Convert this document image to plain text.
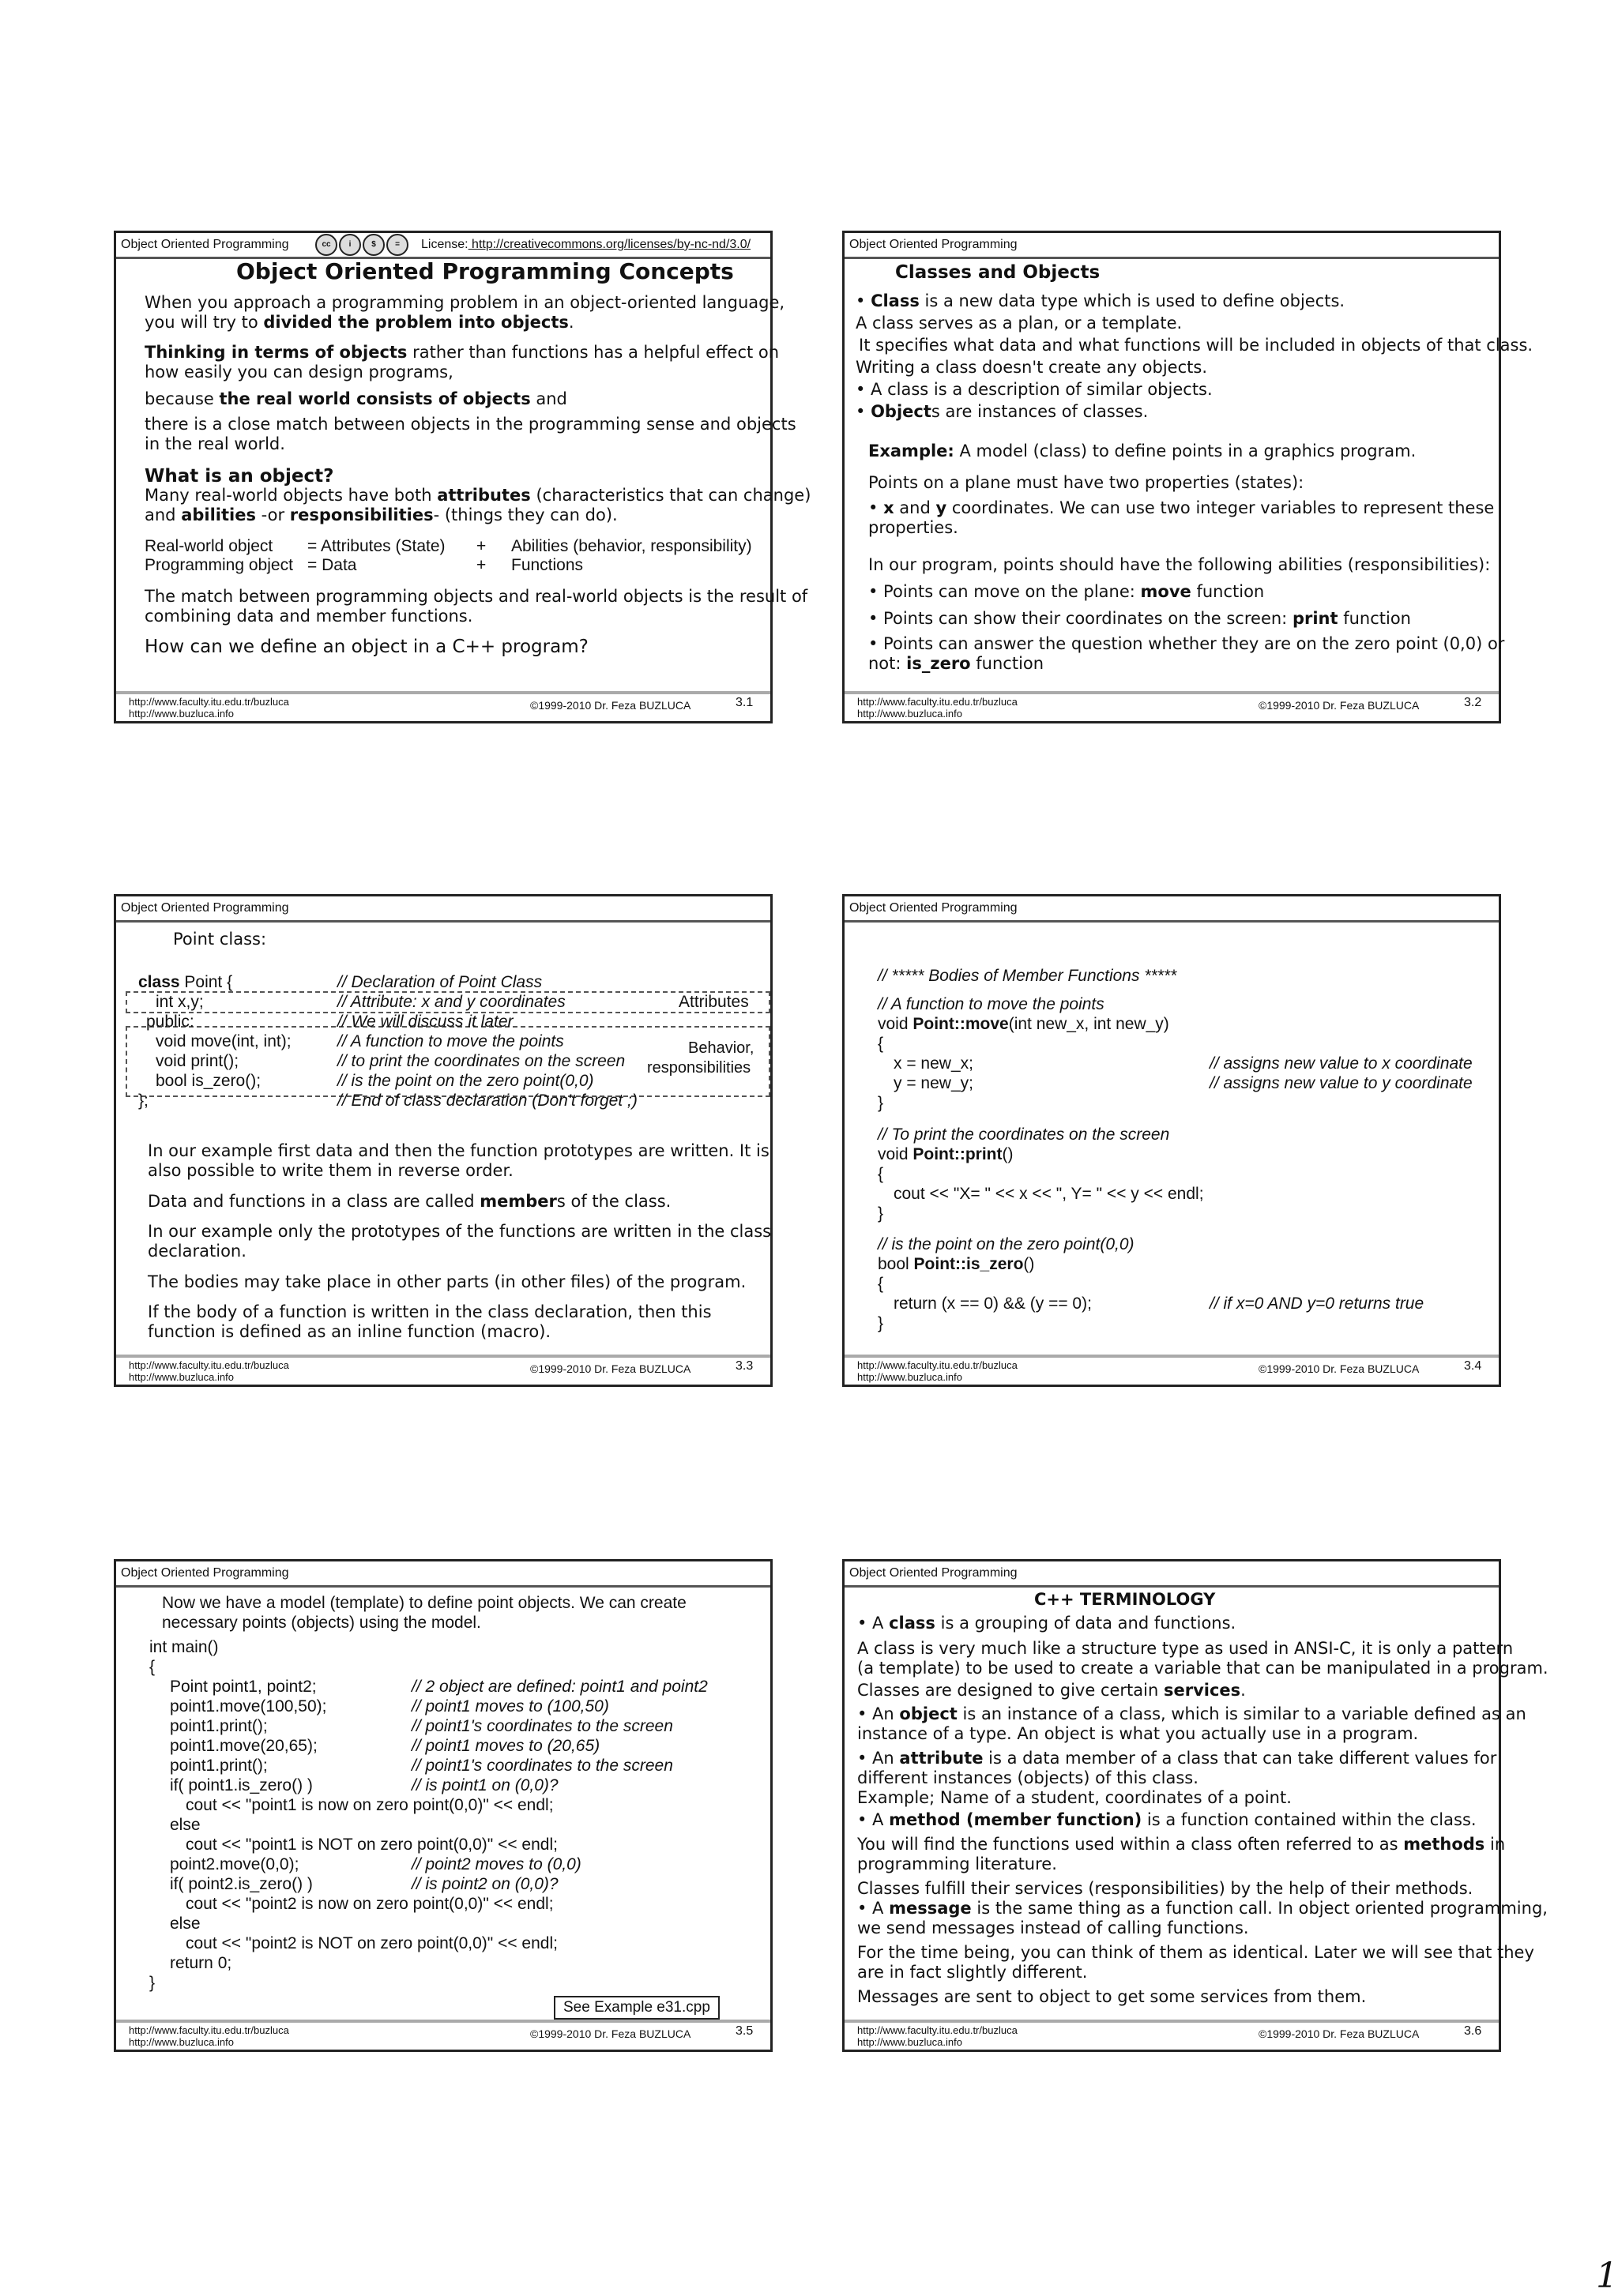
Object Oriented Programming	cc	i	$	=	License: http://creativecommons.org/licenses/by-nc-nd/3.0/
Object Oriented Programming Concepts
When you approach a programming problem in an object-oriented language,
you will try to divided the problem into objects.
Thinking in terms of objects rather than functions has a helpful effect on
how easily you can design programs,
because the real world consists of objects and
there is a close match between objects in the programming sense and objects
in the real world.
What is an object?
Many real-world objects have both attributes (characteristics that can change)
and abilities -or responsibilities- (things they can do).
Real-world object = Attributes (State) + Abilities (behavior, responsibility)
Programming object = Data	+ Functions
The match between programming objects and real-world objects is the result of
combining data and member functions.
How can we define an object in a C++ program?
http://www.faculty.itu.edu.tr/buzluca
http://www.buzluca.info
©1999-2010 Dr. Feza BUZLUCA	3.1
Object Oriented Programming
Classes and Objects
• Class is a new data type which is used to define objects.
A class serves as a plan, or a template.
It specifies what data and what functions will be included in objects of that class.
Writing a class doesn't create any objects.
• A class is a description of similar objects.
• Objects are instances of classes.
Example: A model (class) to define points in a graphics program.
Points on a plane must have two properties (states):
• x and y coordinates. We can use two integer variables to represent these
properties.
In our program, points should have the following abilities (responsibilities):
• Points can move on the plane: move function
• Points can show their coordinates on the screen: print function
• Points can answer the question whether they are on the zero point (0,0) or
not: is_zero function
http://www.faculty.itu.edu.tr/buzluca
http://www.buzluca.info
©1999-2010 Dr. Feza BUZLUCA	3.2
Object Oriented Programming
Point class:
class Point {	// Declaration of Point Class
int x,y;	// Attribute: x and y coordinates	Attributes
public:	// We will discuss it later
void move(int, int);	// A function to move the points
void print();	// to print the coordinates on the screen
bool is_zero();	// is the point on the zero point(0,0)
};	// End of class declaration (Don't forget ;)
Behavior,
responsibilities
In our example first data and then the function prototypes are written. It is
also possible to write them in reverse order.
Data and functions in a class are called members of the class.
In our example only the prototypes of the functions are written in the class
declaration.
The bodies may take place in other parts (in other files) of the program.
If the body of a function is written in the class declaration, then this
function is defined as an inline function (macro).
http://www.faculty.itu.edu.tr/buzluca
http://www.buzluca.info
©1999-2010 Dr. Feza BUZLUCA	3.3
Object Oriented Programming
// ***** Bodies of Member Functions *****
// A function to move the points
void Point::move(int new_x, int new_y)
{
x = new_x;	// assigns new value to x coordinate
y = new_y;	// assigns new value to y coordinate
}
// To print the coordinates on the screen
void Point::print()
{
cout << "X= " << x << ", Y= " << y << endl;
}
// is the point on the zero point(0,0)
bool Point::is_zero()
{
return (x == 0) && (y == 0);	// if x=0 AND y=0 returns true
}
http://www.faculty.itu.edu.tr/buzluca
http://www.buzluca.info
©1999-2010 Dr. Feza BUZLUCA	3.4
Object Oriented Programming
Now we have a model (template) to define point objects. We can create
necessary points (objects) using the model.
int main()
{
Point point1, point2;	// 2 object are defined: point1 and point2
point1.move(100,50);	// point1 moves to (100,50)
point1.print();	// point1's coordinates to the screen
point1.move(20,65);	// point1 moves to (20,65)
point1.print();	// point1's coordinates to the screen
if( point1.is_zero() )	// is point1 on (0,0)?
cout << "point1 is now on zero point(0,0)" << endl;
else
cout << "point1 is NOT on zero point(0,0)" << endl;
point2.move(0,0);	// point2 moves to (0,0)
if( point2.is_zero() )	// is point2 on (0,0)?
cout << "point2 is now on zero point(0,0)" << endl;
else
cout << "point2 is NOT on zero point(0,0)" << endl;
return 0;
}
See Example e31.cpp
http://www.faculty.itu.edu.tr/buzluca
http://www.buzluca.info
©1999-2010 Dr. Feza BUZLUCA	3.5
Object Oriented Programming
C++ TERMINOLOGY
• A class is a grouping of data and functions.
A class is very much like a structure type as used in ANSI-C, it is only a pattern
(a template) to be used to create a variable that can be manipulated in a program.
Classes are designed to give certain services.
• An object is an instance of a class, which is similar to a variable defined as an
instance of a type. An object is what you actually use in a program.
• An attribute is a data member of a class that can take different values for
different instances (objects) of this class.
Example; Name of a student, coordinates of a point.
• A method (member function) is a function contained within the class.
You will find the functions used within a class often referred to as methods in
programming literature.
Classes fulfill their services (responsibilities) by the help of their methods.
• A message is the same thing as a function call. In object oriented programming,
we send messages instead of calling functions.
For the time being, you can think of them as identical. Later we will see that they
are in fact slightly different.
Messages are sent to object to get some services from them.
http://www.faculty.itu.edu.tr/buzluca
http://www.buzluca.info
©1999-2010 Dr. Feza BUZLUCA	3.6
1
